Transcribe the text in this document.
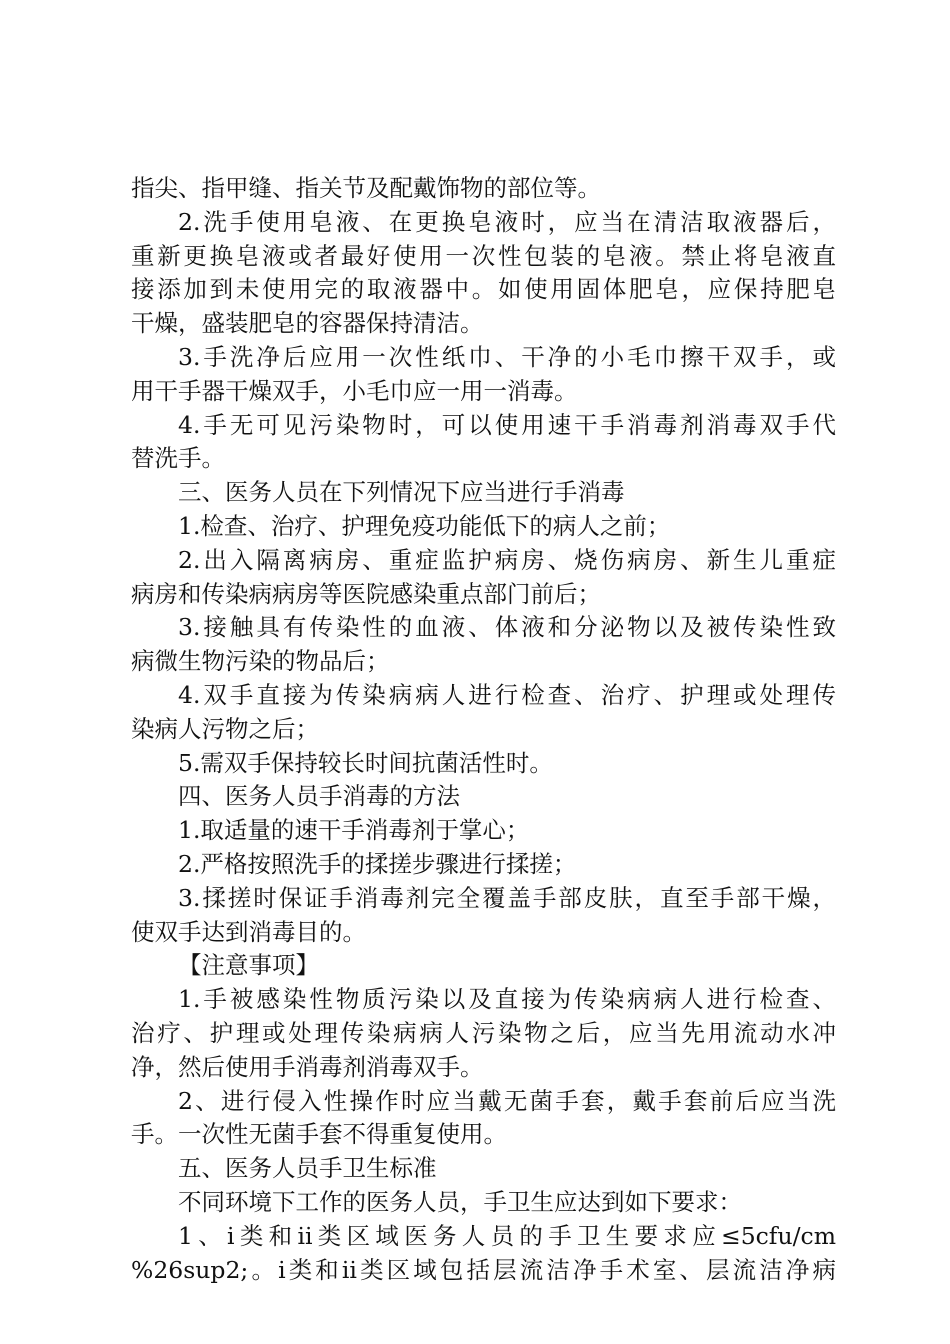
指尖、指甲缝、指关节及配戴饰物的部位等。
2.洗手使用皂液、在更换皂液时，应当在清洁取液器后，
重新更换皂液或者最好使用一次性包装的皂液。禁止将皂液直
接添加到未使用完的取液器中。如使用固体肥皂，应保持肥皂
干燥，盛装肥皂的容器保持清洁。
3.手洗净后应用一次性纸巾、干净的小毛巾擦干双手，或
用干手器干燥双手，小毛巾应一用一消毒。
4.手无可见污染物时，可以使用速干手消毒剂消毒双手代
替洗手。
三、医务人员在下列情况下应当进行手消毒
1.检查、治疗、护理免疫功能低下的病人之前；
2.出入隔离病房、重症监护病房、烧伤病房、新生儿重症
病房和传染病病房等医院感染重点部门前后；
3.接触具有传染性的血液、体液和分泌物以及被传染性致
病微生物污染的物品后；
4.双手直接为传染病病人进行检查、治疗、护理或处理传
染病人污物之后；
5.需双手保持较长时间抗菌活性时。
四、医务人员手消毒的方法
1.取适量的速干手消毒剂于掌心；
2.严格按照洗手的揉搓步骤进行揉搓；
3.揉搓时保证手消毒剂完全覆盖手部皮肤，直至手部干燥，
使双手达到消毒目的。
【注意事项】
1.手被感染性物质污染以及直接为传染病病人进行检查、
治疗、护理或处理传染病病人污染物之后，应当先用流动水冲
净，然后使用手消毒剂消毒双手。
2、进行侵入性操作时应当戴无菌手套，戴手套前后应当洗
手。一次性无菌手套不得重复使用。
五、医务人员手卫生标准
不同环境下工作的医务人员，手卫生应达到如下要求：
1、ⅰ类和ⅱ类区域医务人员的手卫生要求应≤5cfu/cm
%26sup2;。ⅰ类和ⅱ类区域包括层流洁净手术室、层流洁净病
